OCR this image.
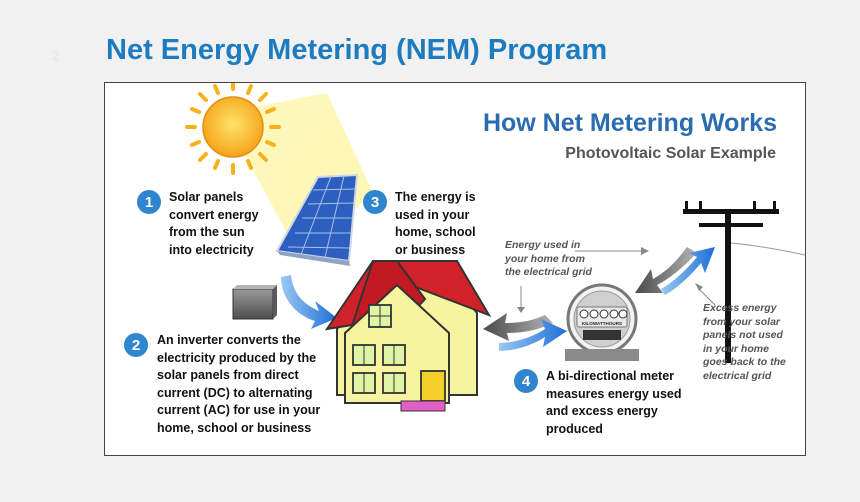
2 Net Energy Metering (NEM) Program
KILOWATTHOURS
How Net Metering Works
Photovoltaic Solar Example
1	Solar panels
convert energy
from the sun
into electricity
3	The energy is
used in your
home, school
or business
2	An inverter converts the
electricity produced by the
solar panels from direct
current (DC) to alternating
current (AC) for use in your
home, school or business
4	A bi-directional meter
measures energy used
and excess energy
produced
Energy used in
your home from
the electrical grid
Excess energy
from your solar
panels not used
in your home
goes back to the
electrical grid
